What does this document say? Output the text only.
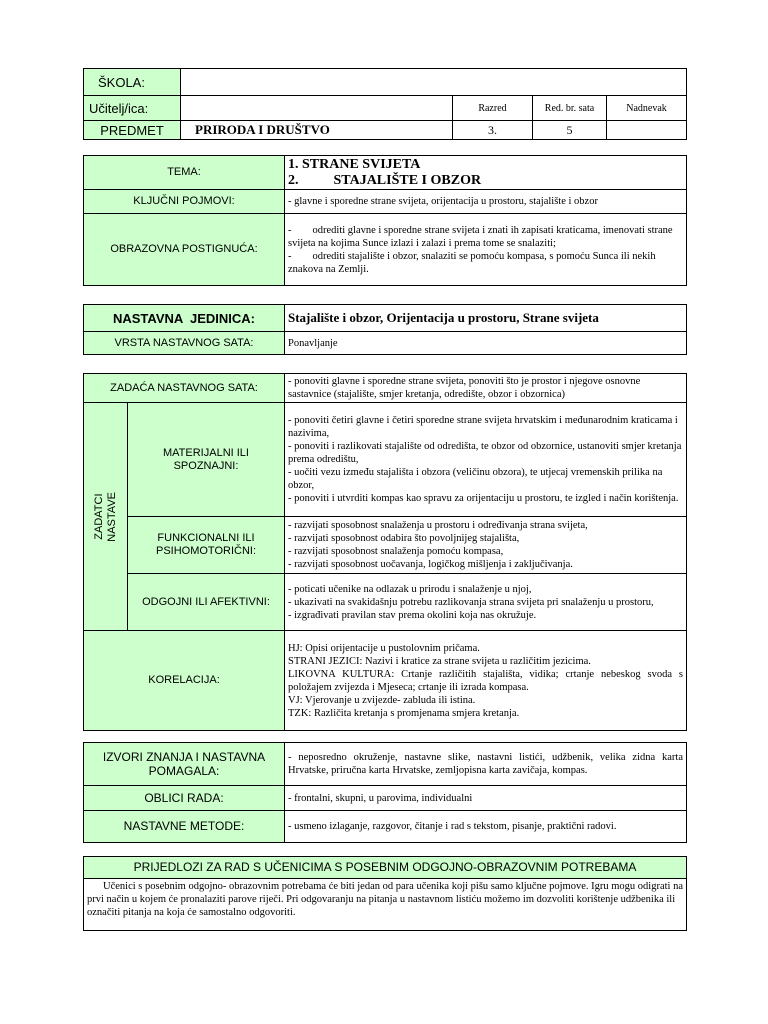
ŠKOLA:				
Učitelj/ica:		Razred	Red. br. sata	Nadnevak
PREDMET	PRIRODA I DRUŠTVO	3.	5	
TEMA:	1. STRANE SVIJETA
2.          STAJALIŠTE I OBZOR

KLJUČNI POJMOVI:	- glavne i sporedne strane svijeta, orijentacija u prostoru, stajalište i obzor
OBRAZOVNA POSTIGNUĆA:	-        odrediti glavne i sporedne strane svijeta i znati ih zapisati kraticama, imenovati strane svijeta na kojima Sunce izlazi i zalazi i prema tome se snalaziti;
-        odrediti stajalište i obzor, snalaziti se pomoću kompasa, s pomoću Sunca ili nekih znakova na Zemlji.
NASTAVNA  JEDINICA:	Stajalište i obzor, Orijentacija u prostoru, Strane svijeta
VRSTA NASTAVNOG SATA:	Ponavljanje
ZADAĆA NASTAVNOG SATA:		- ponoviti glavne i sporedne strane svijeta, ponoviti što je prostor i njegove osnovne sastavnice (stajalište, smjer kretanja, odredište, obzor i obzornica)

ZADATCI
NASTAVE	MATERIJALNI ILI SPOZNAJNI:	- ponoviti četiri glavne i četiri sporedne strane svijeta hrvatskim i međunarodnim kraticama i nazivima,
- ponoviti i razlikovati stajalište od odredišta, te obzor od obzornice, ustanoviti smjer kretanja prema odredištu,
- uočiti vezu između stajališta i obzora (veličinu obzora), te utjecaj vremenskih prilika na obzor,
- ponoviti i utvrditi kompas kao spravu za orijentaciju u prostoru, te izgled i način korištenja.
	FUNKCIONALNI ILI PSIHOMOTORIČNI:	- razvijati sposobnost snalaženja u prostoru i određivanja strana svijeta,
- razvijati sposobnost odabira što povoljnijeg stajališta,
- razvijati sposobnost snalaženja pomoću kompasa,
- razvijati sposobnost uočavanja, logičkog mišljenja i zaključivanja.
	ODGOJNI ILI AFEKTIVNI:	- poticati učenike na odlazak u prirodu i snalaženje u njoj,
- ukazivati na svakidašnju potrebu razlikovanja strana svijeta pri snalaženju u prostoru,
- izgrađivati pravilan stav prema okolini koja nas okružuje.
KORELACIJA:		HJ: Opisi orijentacije u pustolovnim pričama.
STRANI JEZICI: Nazivi i kratice za strane svijeta u različitim jezicima.
LIKOVNA KULTURA: Crtanje različitih stajališta, vidika; crtanje nebeskog svoda s položajem zvijezda i Mjeseca; crtanje ili izrada kompasa.
VJ: Vjerovanje u zvijezde- zabluda ili istina.
TZK: Različita kretanja s promjenama smjera kretanja.
IZVORI ZNANJA I NASTAVNA POMAGALA:	- neposredno okruženje, nastavne slike, nastavni listići, udžbenik, velika zidna karta Hrvatske, priručna karta Hrvatske, zemljopisna karta zavičaja, kompas.
OBLICI RADA:	- frontalni, skupni, u parovima, individualni
NASTAVNE METODE:	- usmeno izlaganje, razgovor, čitanje i rad s tekstom, pisanje, praktični radovi.
PRIJEDLOZI ZA RAD S UČENICIMA S POSEBNIM ODGOJNO-OBRAZOVNIM POTREBAMA
Učenici s posebnim odgojno- obrazovnim potrebama će biti jedan od para učenika koji pišu samo ključne pojmove. Igru mogu odigrati na prvi način u kojem će pronalaziti parove riječi. Pri odgovaranju na pitanja u nastavnom listiću možemo im dozvoliti korištenje udžbenika ili označiti pitanja na koja će samostalno odgovoriti.
